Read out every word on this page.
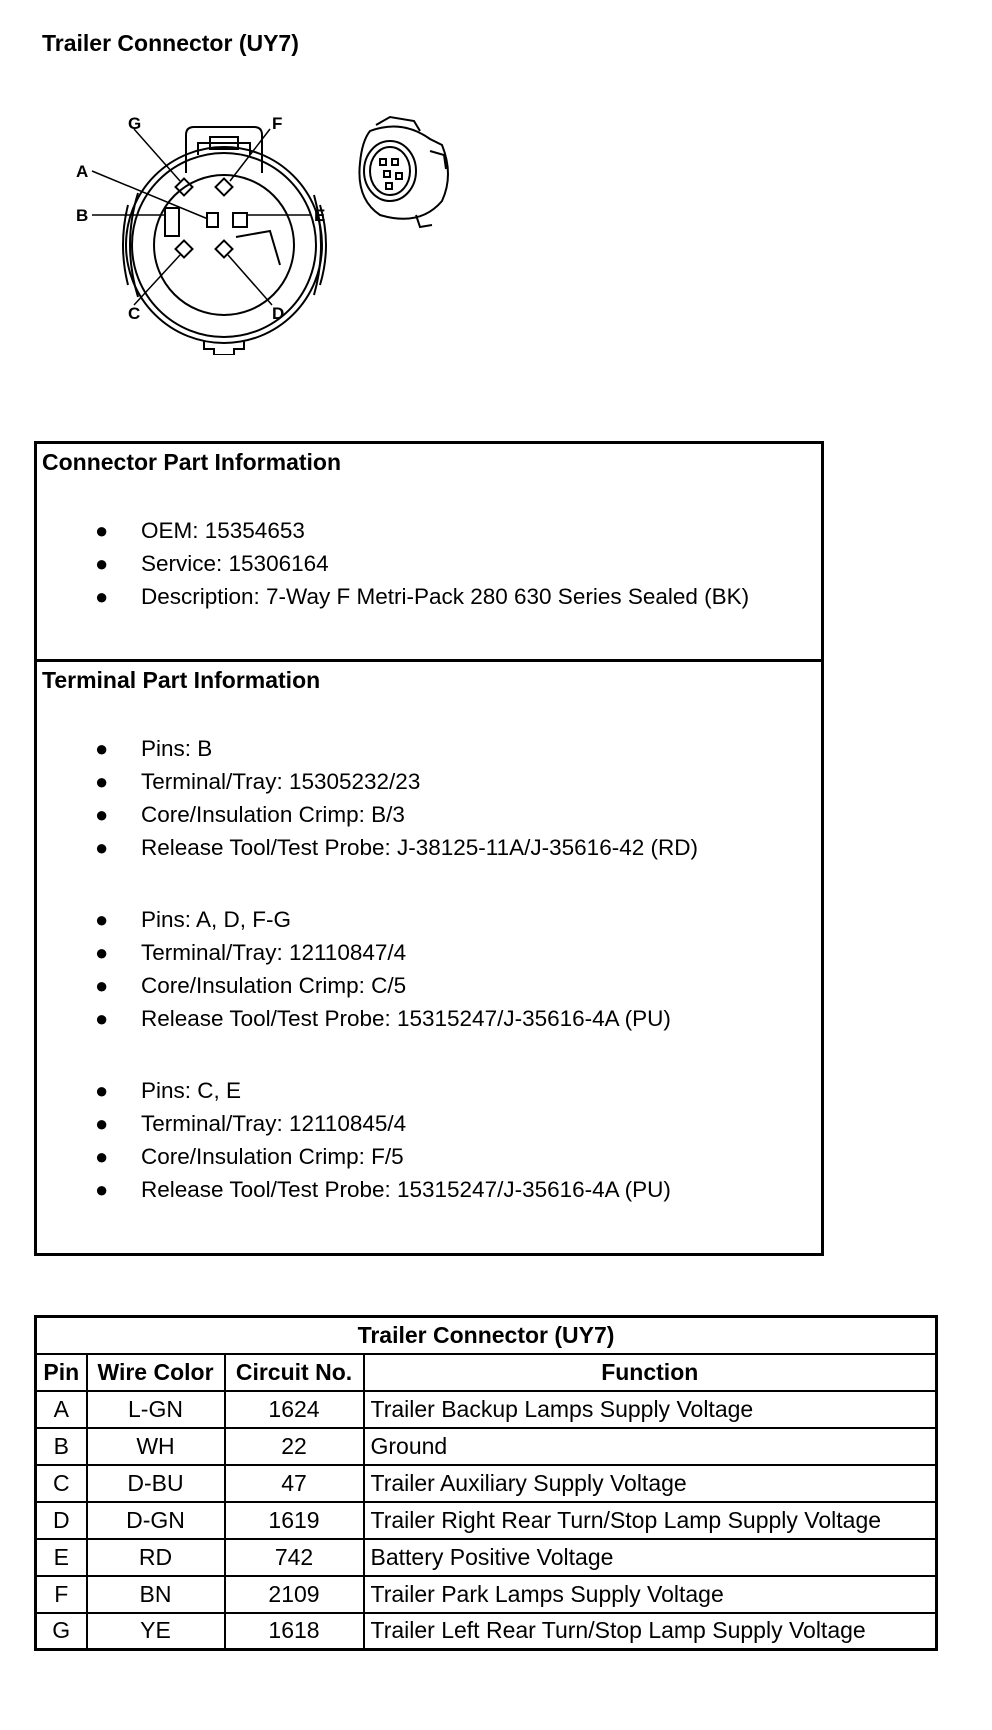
Trailer Connector (UY7)
G	F
A
B	E
C	D
Connector Part Information
● OEM: 15354653
● Service: 15306164
● Description: 7-Way F Metri-Pack 280 630 Series Sealed (BK)
Terminal Part Information
● Pins: B
● Terminal/Tray: 15305232/23
● Core/Insulation Crimp: B/3
● Release Tool/Test Probe: J-38125-11A/J-35616-42 (RD)
● Pins: A, D, F-G
● Terminal/Tray: 12110847/4
● Core/Insulation Crimp: C/5
● Release Tool/Test Probe: 15315247/J-35616-4A (PU)
● Pins: C, E
● Terminal/Tray: 12110845/4
● Core/Insulation Crimp: F/5
● Release Tool/Test Probe: 15315247/J-35616-4A (PU)
Trailer Connector (UY7)			
Pin	Wire Color	Circuit No.	Function
A	L-GN	1624	Trailer Backup Lamps Supply Voltage
B	WH	22	Ground
C	D-BU	47	Trailer Auxiliary Supply Voltage
D	D-GN	1619	Trailer Right Rear Turn/Stop Lamp Supply Voltage
E	RD	742	Battery Positive Voltage
F	BN	2109	Trailer Park Lamps Supply Voltage
G	YE	1618	Trailer Left Rear Turn/Stop Lamp Supply Voltage
